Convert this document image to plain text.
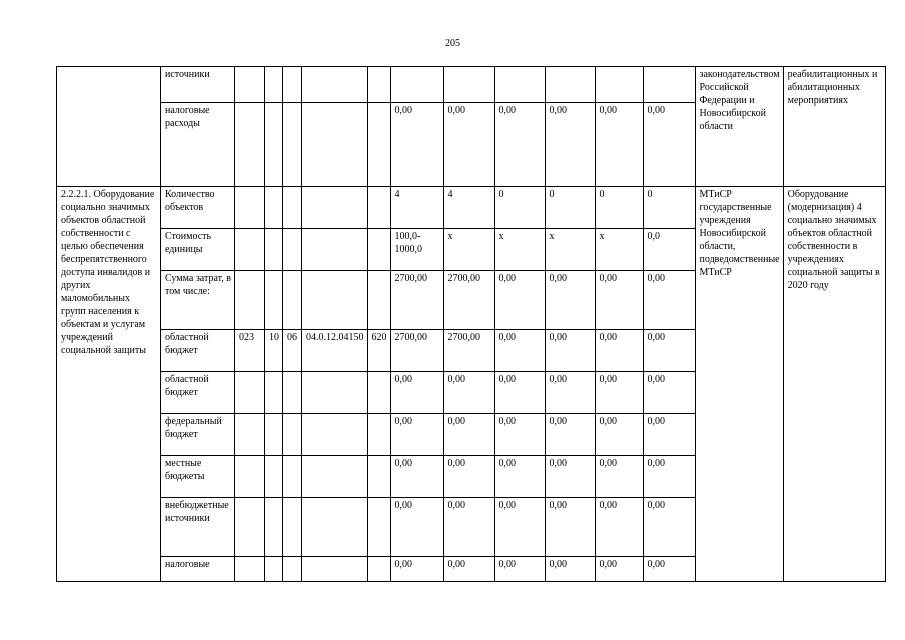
205
	источники												законодательством Российской Федерации и Новосибирской области	реабилитационных и абилитационных мероприятиях
	налоговые расходы						0,00	0,00	0,00	0,00	0,00	0,00		
2.2.2.1. Оборудование социально значимых объектов областной собственности с целью обеспечения беспрепятственного доступа инвалидов и других маломобильных групп населения к объектам и услугам учреждений социальной защиты	Количество объектов						4	4	0	0	0	0	МТиСР государственные учреждения Новосибирской области, подведомственные МТиСР	Оборудование (модернизация) 4 социально значимых объектов областной собственности в учреждениях социальной защиты в 2020 году
	Стоимость единицы						100,0-1000,0	x	x	x	x	0,0		
	Сумма затрат, в том числе:						2700,00	2700,00	0,00	0,00	0,00	0,00		
	областной бюджет	023	10	06	04.0.12.04150	620	2700,00	2700,00	0,00	0,00	0,00	0,00		
	областной бюджет						0,00	0,00	0,00	0,00	0,00	0,00		
	федеральный бюджет						0,00	0,00	0,00	0,00	0,00	0,00		
	местные бюджеты						0,00	0,00	0,00	0,00	0,00	0,00		
	внебюджетные источники						0,00	0,00	0,00	0,00	0,00	0,00		
	налоговые						0,00	0,00	0,00	0,00	0,00	0,00		
